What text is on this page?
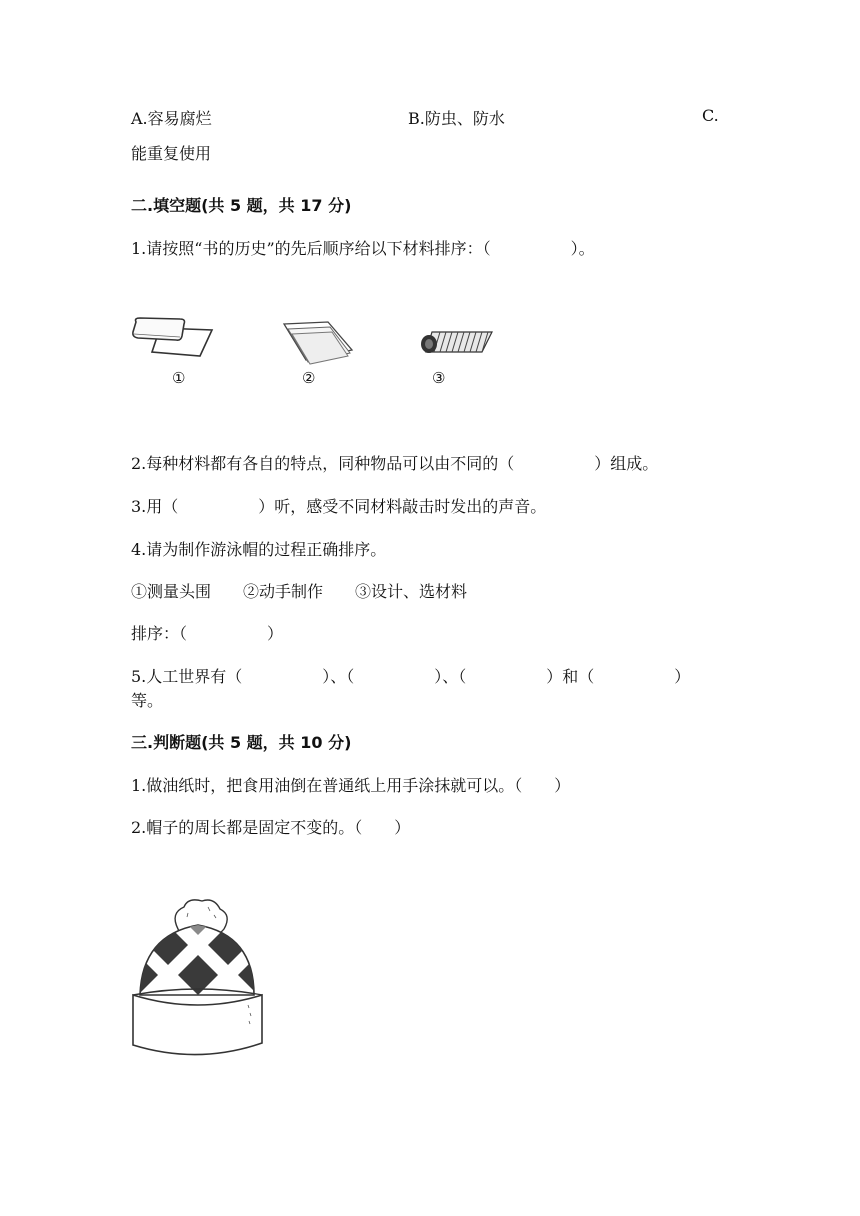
A.容易腐烂	B.防虫、防水	C.
能重复使用
二.填空题(共 5 题，共 17 分)
1.请按照“书的历史”的先后顺序给以下材料排序：（　　　　　）。
①	②	③
2.每种材料都有各自的特点，同种物品可以由不同的（　　　　　）组成。
3.用（　　　　　）听，感受不同材料敲击时发出的声音。
4.请为制作游泳帽的过程正确排序。
①测量头围　　②动手制作　　③设计、选材料
排序：（　　　　　）
5.人工世界有（　　　　　）、（　　　　　）、（　　　　　）和（　　　　　）
等。
三.判断题(共 5 题，共 10 分)
1.做油纸时，把食用油倒在普通纸上用手涂抹就可以。（　　）
2.帽子的周长都是固定不变的。（　　）
